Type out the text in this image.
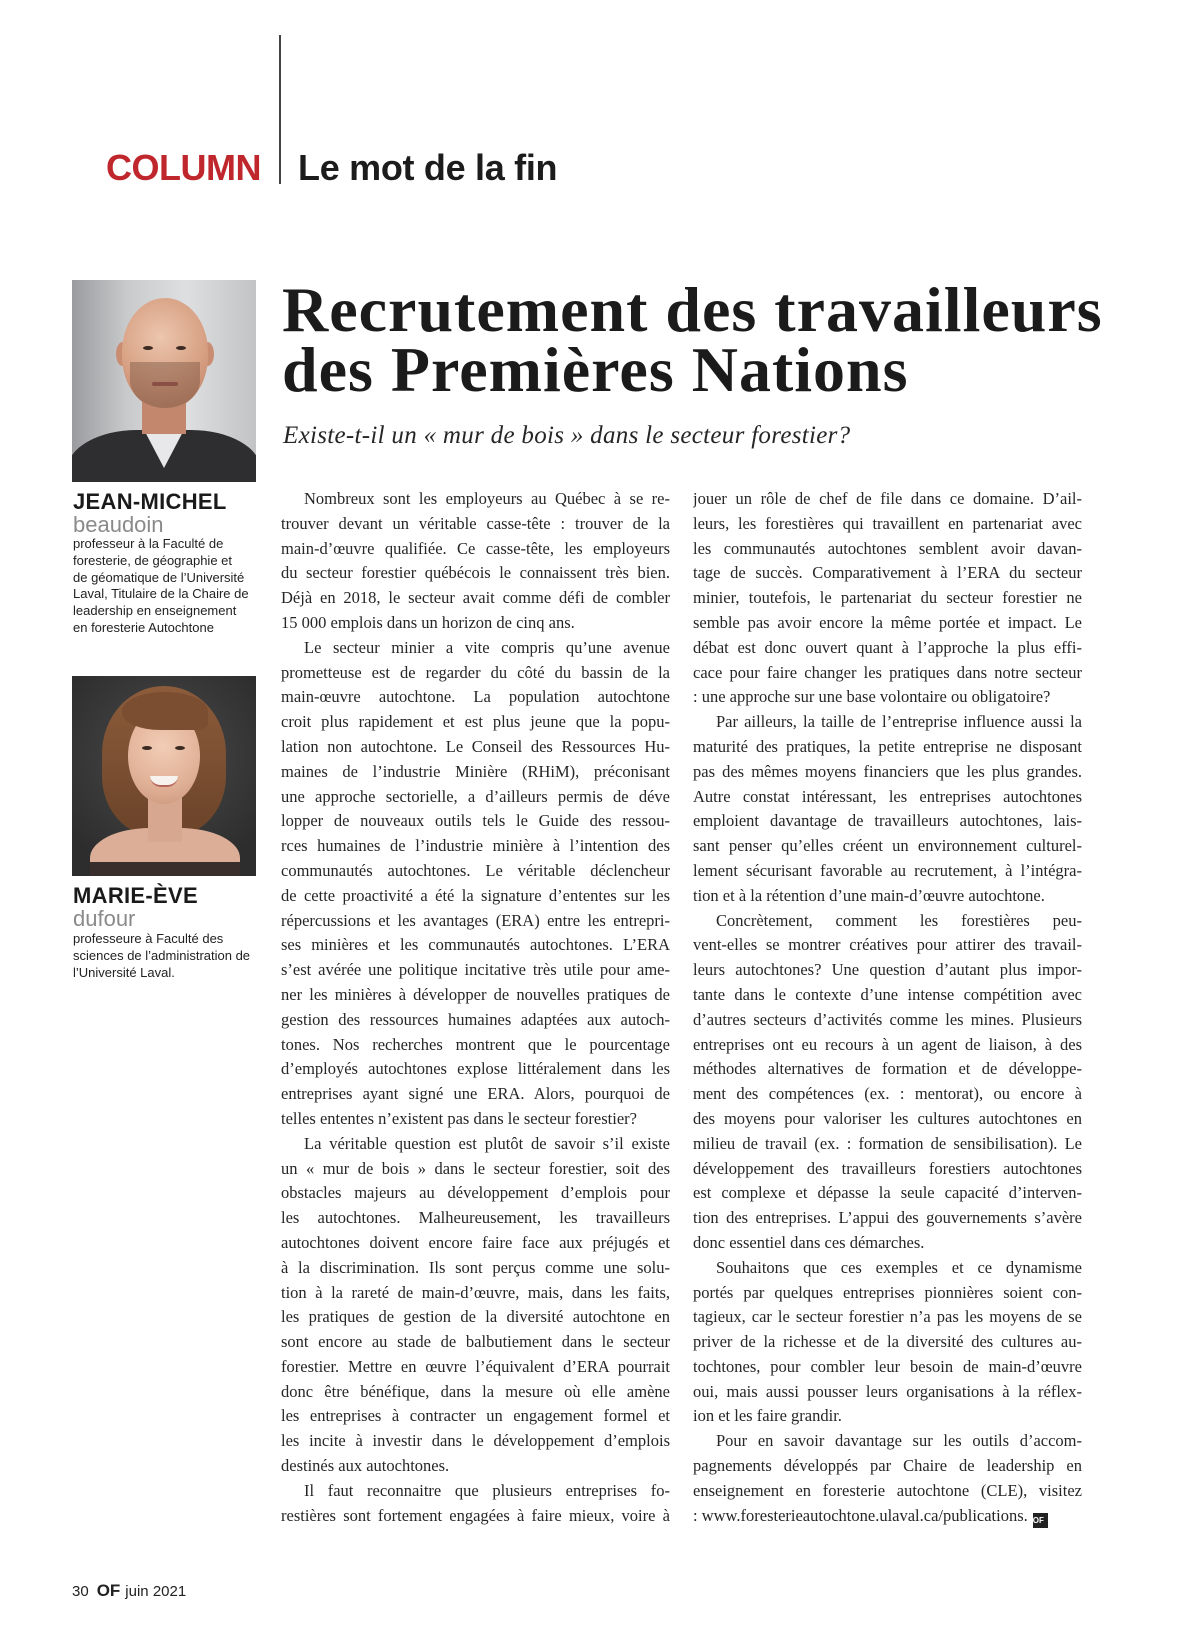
COLUMN Le mot de la fin
JEAN-MICHEL
beaudoin
professeur à la Faculté de
foresterie, de géographie et
de géomatique de l’Université
Laval, Titulaire de la Chaire de
leadership en enseignement
en foresterie Autochtone
MARIE-ÈVE
dufour
professeure à Faculté des
sciences de l’administration de
l’Université Laval.
Recrutement des travailleurs
des Premières Nations
Existe-t-il un « mur de bois » dans le secteur forestier?
Nombreux sont les employeurs au Québec à se re-
trouver devant un véritable casse-tête : trouver de la
main-d’œuvre qualifiée. Ce casse-tête, les employeurs
du secteur forestier québécois le connaissent très bien.
Déjà en 2018, le secteur avait comme défi de combler
15 000 emplois dans un horizon de cinq ans.
Le secteur minier a vite compris qu’une avenue
prometteuse est de regarder du côté du bassin de la
main-œuvre autochtone. La population autochtone
croit plus rapidement et est plus jeune que la popu-
lation non autochtone. Le Conseil des Ressources Hu-
maines de l’industrie Minière (RHiM), préconisant
une approche sectorielle, a d’ailleurs permis de déve
lopper de nouveaux outils tels le Guide des ressou-
rces humaines de l’industrie minière à l’intention des
communautés autochtones. Le véritable déclencheur
de cette proactivité a été la signature d’ententes sur les
répercussions et les avantages (ERA) entre les entrepri-
ses minières et les communautés autochtones. L’ERA
s’est avérée une politique incitative très utile pour ame-
ner les minières à développer de nouvelles pratiques de
gestion des ressources humaines adaptées aux autoch-
tones. Nos recherches montrent que le pourcentage
d’employés autochtones explose littéralement dans les
entreprises ayant signé une ERA. Alors, pourquoi de
telles ententes n’existent pas dans le secteur forestier?
La véritable question est plutôt de savoir s’il existe
un « mur de bois » dans le secteur forestier, soit des
obstacles majeurs au développement d’emplois pour
les autochtones. Malheureusement, les travailleurs
autochtones doivent encore faire face aux préjugés et
à la discrimination. Ils sont perçus comme une solu-
tion à la rareté de main-d’œuvre, mais, dans les faits,
les pratiques de gestion de la diversité autochtone en
sont encore au stade de balbutiement dans le secteur
forestier. Mettre en œuvre l’équivalent d’ERA pourrait
donc être bénéfique, dans la mesure où elle amène
les entreprises à contracter un engagement formel et
les incite à investir dans le développement d’emplois
destinés aux autochtones.
Il faut reconnaitre que plusieurs entreprises fo-
restières sont fortement engagées à faire mieux, voire à
jouer un rôle de chef de file dans ce domaine. D’ail-
leurs, les forestières qui travaillent en partenariat avec
les communautés autochtones semblent avoir davan-
tage de succès. Comparativement à l’ERA du secteur
minier, toutefois, le partenariat du secteur forestier ne
semble pas avoir encore la même portée et impact. Le
débat est donc ouvert quant à l’approche la plus effi-
cace pour faire changer les pratiques dans notre secteur
: une approche sur une base volontaire ou obligatoire?
Par ailleurs, la taille de l’entreprise influence aussi la
maturité des pratiques, la petite entreprise ne disposant
pas des mêmes moyens financiers que les plus grandes.
Autre constat intéressant, les entreprises autochtones
emploient davantage de travailleurs autochtones, lais-
sant penser qu’elles créent un environnement culturel-
lement sécurisant favorable au recrutement, à l’intégra-
tion et à la rétention d’une main-d’œuvre autochtone.
Concrètement, comment les forestières peu-
vent-elles se montrer créatives pour attirer des travail-
leurs autochtones? Une question d’autant plus impor-
tante dans le contexte d’une intense compétition avec
d’autres secteurs d’activités comme les mines. Plusieurs
entreprises ont eu recours à un agent de liaison, à des
méthodes alternatives de formation et de développe-
ment des compétences (ex. : mentorat), ou encore à
des moyens pour valoriser les cultures autochtones en
milieu de travail (ex. : formation de sensibilisation). Le
développement des travailleurs forestiers autochtones
est complexe et dépasse la seule capacité d’interven-
tion des entreprises. L’appui des gouvernements s’avère
donc essentiel dans ces démarches.
Souhaitons que ces exemples et ce dynamisme
portés par quelques entreprises pionnières soient con-
tagieux, car le secteur forestier n’a pas les moyens de se
priver de la richesse et de la diversité des cultures au-
tochtones, pour combler leur besoin de main-d’œuvre
oui, mais aussi pousser leurs organisations à la réflex-
ion et les faire grandir.
Pour en savoir davantage sur les outils d’accom-
pagnements développés par Chaire de leadership en
enseignement en foresterie autochtone (CLE), visitez
: www.foresterieautochtone.ulaval.ca/publications. OF
30 OF juin 2021
